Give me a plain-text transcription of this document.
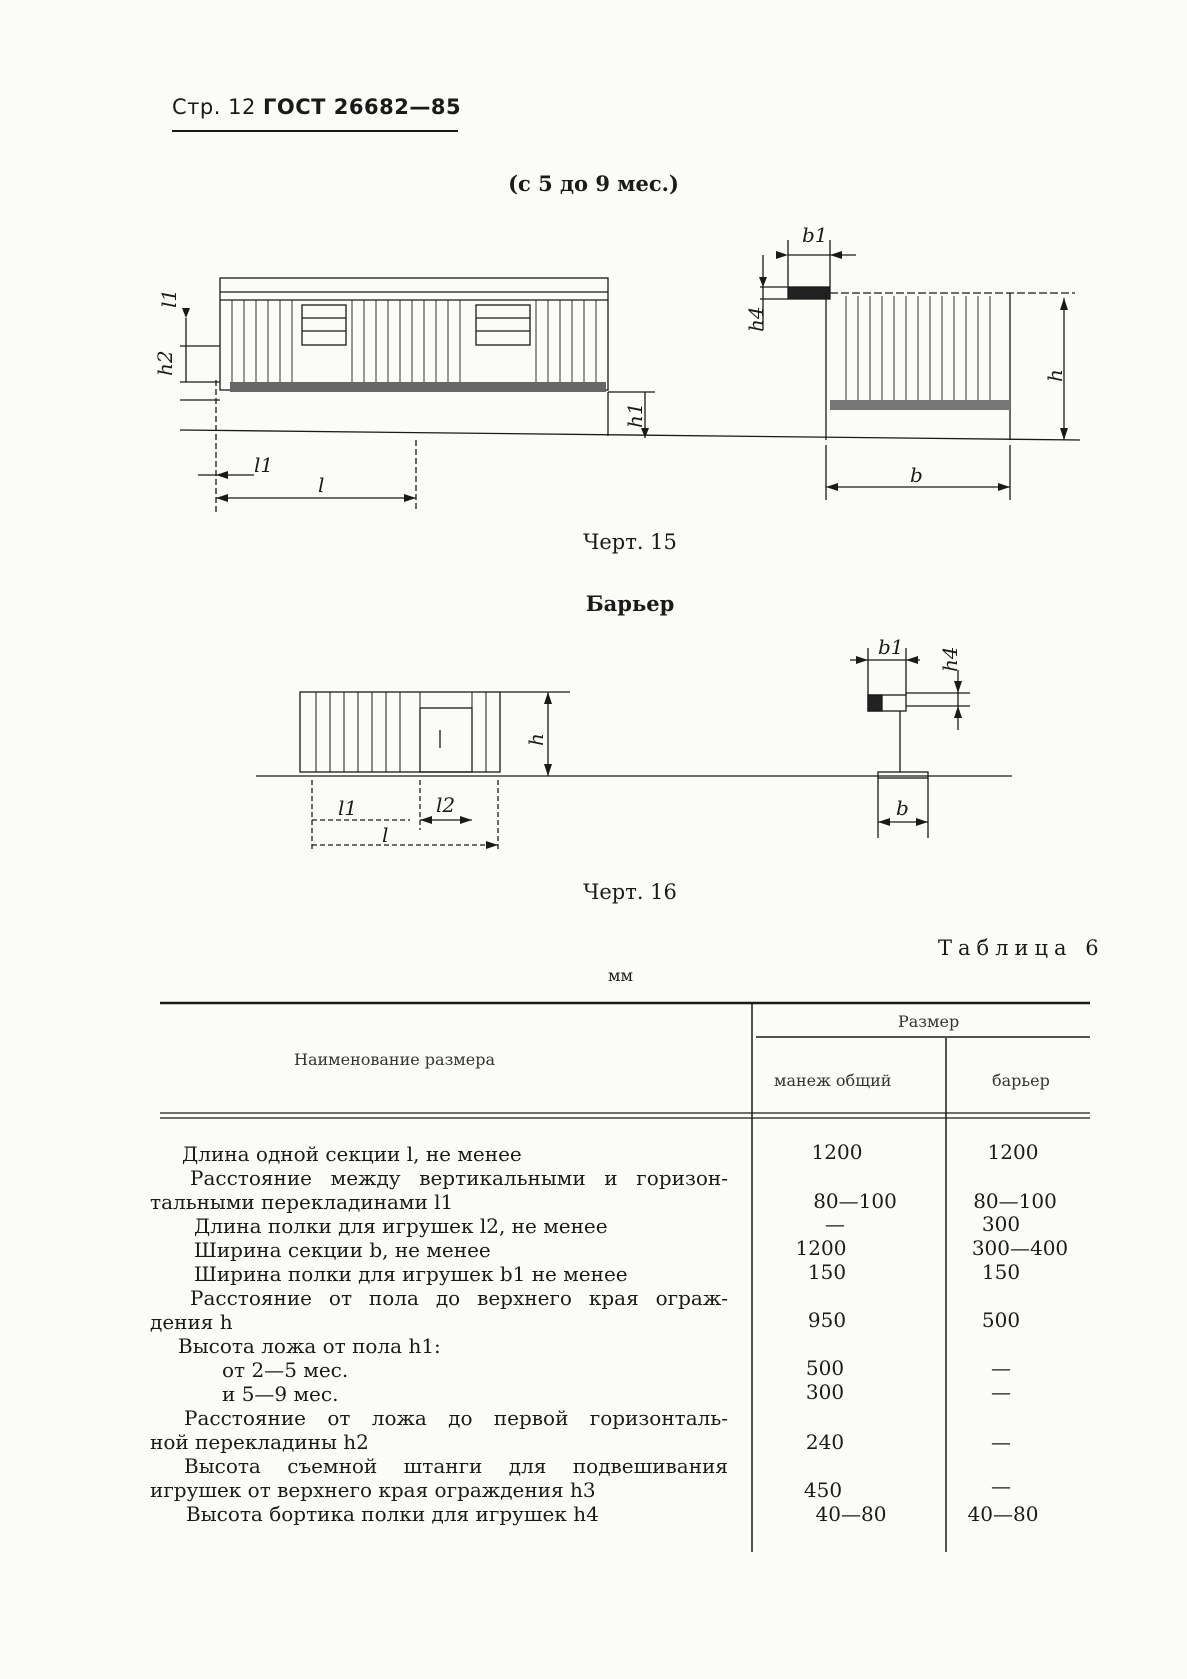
Стр. 12 ГОСТ 26682—85
(с 5 до 9 мес.)
l1
h2
h1
l1
l
b1
h4
h
b
l1	l2
l
h
b1 h4
b
Черт. 15
Барьер
Черт. 16
Таблица 6
мм
Наименование размера
Размер
манеж общий	барьер
Длина одной секции l, не менее	1200	1200
Расстояние между вертикальными и горизон-
тальными перекладинами l1	80—100	80—100
Длина полки для игрушек l2, не менее	—	300
Ширина секции b, не менее	1200	300—400
Ширина полки для игрушек b1 не менее	150	150
Расстояние от пола до верхнего края ограж-
дения h	950	500
Высота ложа от пола h1:
от 2—5 мес.	500	—
и 5—9 мес.	300	—
Расстояние от ложа до первой горизонталь-
ной перекладины h2	240	—
Высота съемной штанги для подвешивания
игрушек от верхнего края ограждения h3	450	—
Высота бортика полки для игрушек h4	40—80	40—80
